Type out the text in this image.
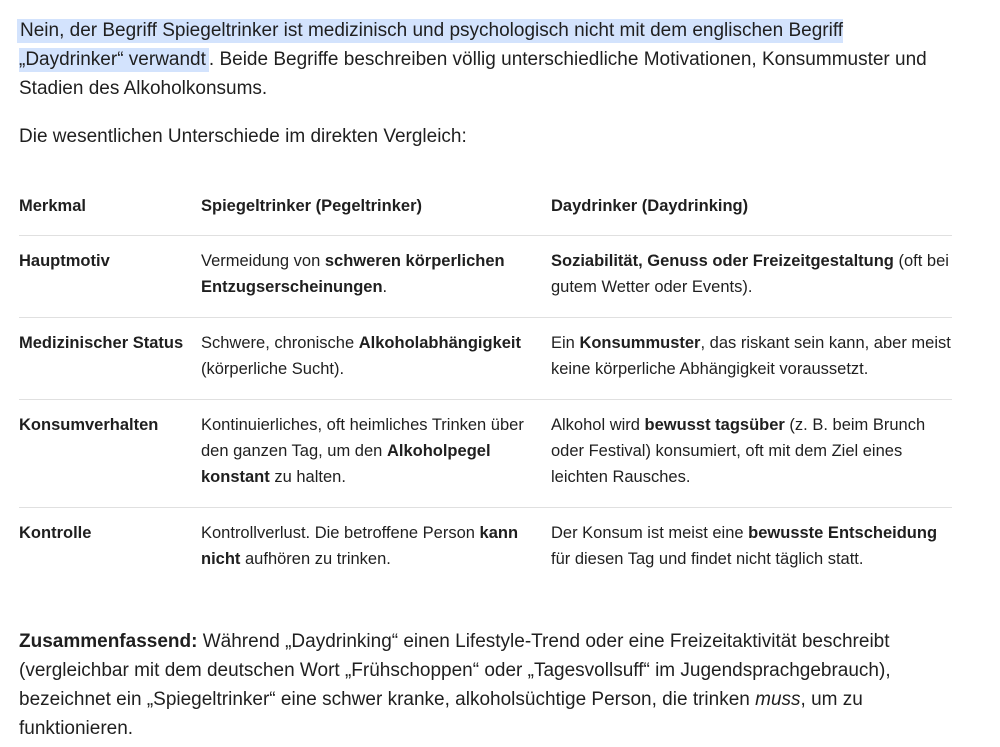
Nein, der Begriff Spiegeltrinker ist medizinisch und psychologisch nicht mit dem englischen Begriff
„Daydrinker“ verwandt . Beide Begriffe beschreiben völlig unterschiedliche Motivationen, Konsummuster und Stadien des Alkoholkonsums.

Die wesentlichen Unterschiede im direkten Vergleich:

Merkmal	Spiegeltrinker (Pegeltrinker)	Daydrinker (Daydrinking)
Hauptmotiv	Vermeidung von schweren körperlichen Entzugserscheinungen.	Soziabilität, Genuss oder Freizeitgestaltung (oft bei gutem Wetter oder Events).
Medizinischer Status	Schwere, chronische Alkoholabhängigkeit (körperliche Sucht).	Ein Konsummuster, das riskant sein kann, aber meist keine körperliche Abhängigkeit voraussetzt.
Konsumverhalten	Kontinuierliches, oft heimliches Trinken über den ganzen Tag, um den Alkoholpegel konstant zu halten.	Alkohol wird bewusst tagsüber (z. B. beim Brunch oder Festival) konsumiert, oft mit dem Ziel eines leichten Rausches.
Kontrolle	Kontrollverlust. Die betroffene Person kann nicht aufhören zu trinken.	Der Konsum ist meist eine bewusste Entscheidung für diesen Tag und findet nicht täglich statt.

Zusammenfassend: Während „Daydrinking“ einen Lifestyle-Trend oder eine Freizeitaktivität beschreibt (vergleichbar mit dem deutschen Wort „Frühschoppen“ oder „Tagesvollsuff“ im Jugendsprachgebrauch), bezeichnet ein „Spiegeltrinker“ eine schwer kranke, alkoholsüchtige Person, die trinken muss, um zu funktionieren.
